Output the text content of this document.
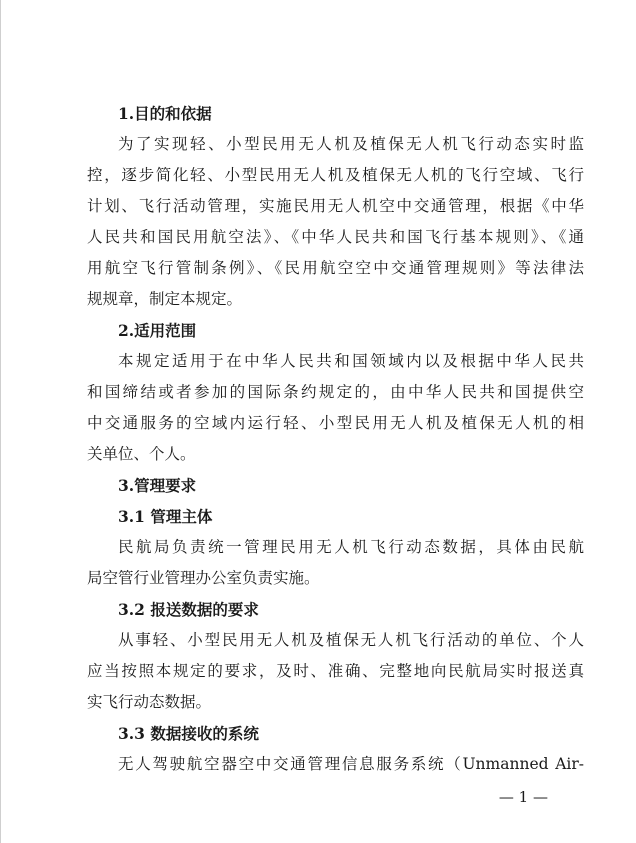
1.目的和依据
为了实现轻、小型民用无人机及植保无人机飞行动态实时监
控，逐步简化轻、小型民用无人机及植保无人机的飞行空域、飞行
计划、飞行活动管理，实施民用无人机空中交通管理，根据《中华
人民共和国民用航空法》、《中华人民共和国飞行基本规则》、《通
用航空飞行管制条例》、《民用航空空中交通管理规则》等法律法
规规章，制定本规定。
2.适用范围
本规定适用于在中华人民共和国领域内以及根据中华人民共
和国缔结或者参加的国际条约规定的，由中华人民共和国提供空
中交通服务的空域内运行轻、小型民用无人机及植保无人机的相
关单位、个人。
3.管理要求
3.1 管理主体
民航局负责统一管理民用无人机飞行动态数据，具体由民航
局空管行业管理办公室负责实施。
3.2 报送数据的要求
从事轻、小型民用无人机及植保无人机飞行活动的单位、个人
应当按照本规定的要求，及时、准确、完整地向民航局实时报送真
实飞行动态数据。
3.3 数据接收的系统
无人驾驶航空器空中交通管理信息服务系统（Unmanned Air-
— 1 —
